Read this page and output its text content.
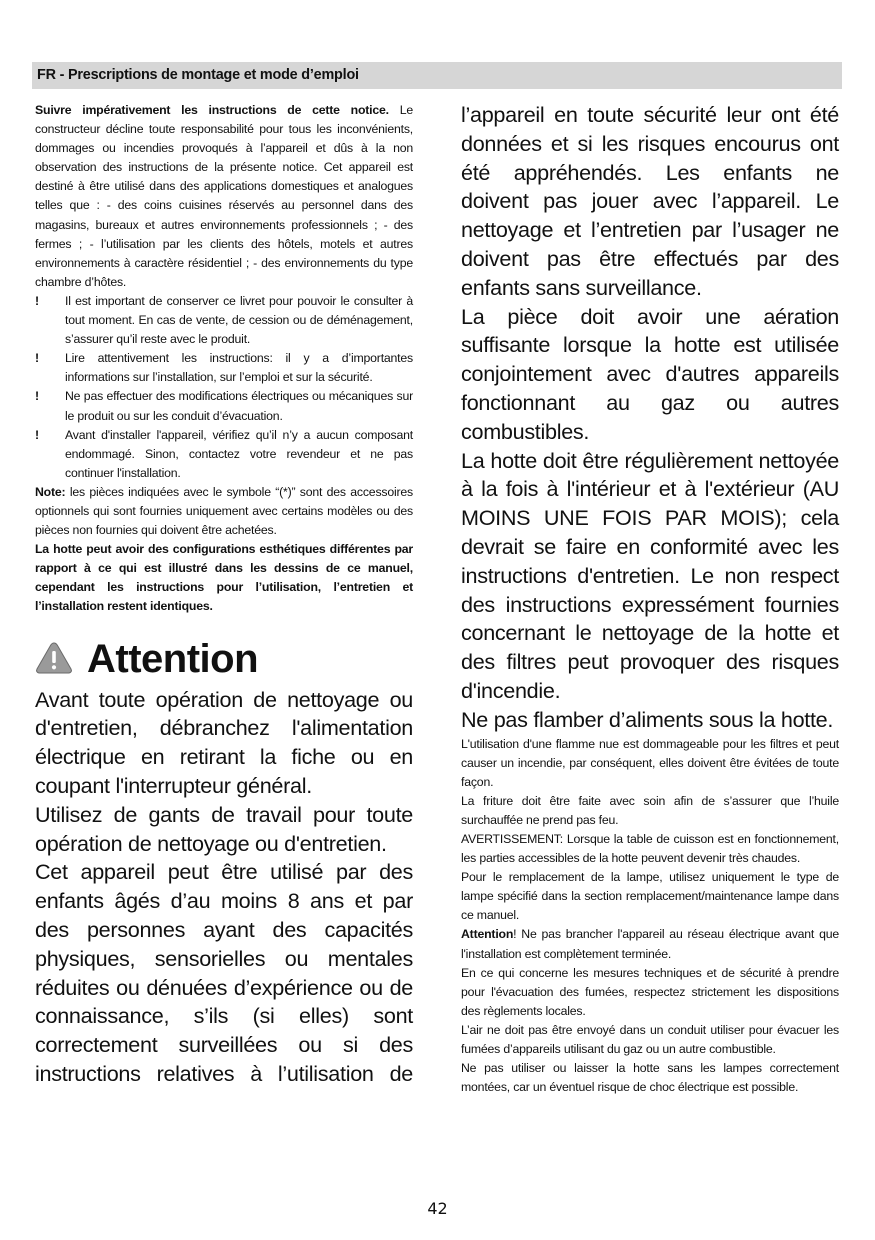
FR - Prescriptions de montage et mode d’emploi

Suivre impérativement les instructions de cette notice. Le constructeur décline toute responsabilité pour tous les inconvénients, dommages ou incendies provoqués à l’appareil et dûs à la non observation des instructions de la présente notice. Cet appareil est destiné à être utilisé dans des applications domestiques et analogues telles que : - des coins cuisines réservés au personnel dans des magasins, bureaux et autres environnements professionnels ; - des fermes ; - l’utilisation par les clients des hôtels, motels et autres environnements à caractère résidentiel ; - des environnements du type chambre d’hôtes.

!	Il est important de conserver ce livret pour pouvoir le consulter à tout moment. En cas de vente, de cession ou de déménagement, s’assurer qu’il reste avec le produit.

!	Lire attentivement les instructions: il y a d’importantes informations sur l’installation, sur l’emploi et sur la sécurité.

!	Ne pas effectuer des modifications électriques ou mécaniques sur le produit ou sur les conduit d’évacuation.

!	Avant d'installer l'appareil, vérifiez qu’il n’y a aucun composant endommagé. Sinon, contactez votre revendeur et ne pas continuer l'installation.

Note: les pièces indiquées avec le symbole “(*)” sont des accessoires optionnels qui sont fournies uniquement avec certains modèles ou des pièces non fournies qui doivent être achetées.

La hotte peut avoir des configurations esthétiques différentes par rapport à ce qui est illustré dans les dessins de ce manuel, cependant les instructions pour l’utilisation, l’entretien et l’installation restent identiques.

Attention

Avant toute opération de nettoyage ou d'entretien, débranchez l'alimentation électrique en retirant la fiche ou en coupant l'interrupteur général.

Utilisez de gants de travail pour toute opération de nettoyage ou d'entretien.

Cet appareil peut être utilisé par des enfants âgés d’au moins 8 ans et par des personnes ayant des capacités physiques, sensorielles ou mentales réduites ou dénuées d’expérience ou de connaissance, s’ils (si elles) sont correctement surveillées ou si des instructions relatives à l’utilisation de

l’appareil en toute sécurité leur ont été données et si les risques encourus ont été appréhendés. Les enfants ne doivent pas jouer avec l’appareil. Le nettoyage et l’entretien par l’usager ne doivent pas être effectués par des enfants sans surveillance.

La pièce doit avoir une aération suffisante lorsque la hotte est utilisée conjointement avec d'autres appareils fonctionnant au gaz ou autres combustibles.

La hotte doit être régulièrement nettoyée à la fois à l'intérieur et à l'extérieur (AU MOINS UNE FOIS PAR MOIS); cela devrait se faire en conformité avec les instructions d'entretien. Le non respect des instructions expressément fournies concernant le nettoyage de la hotte et des filtres peut provoquer des risques d'incendie.

Ne pas flamber d’aliments sous la hotte.

L'utilisation d'une flamme nue est dommageable pour les filtres et peut causer un incendie, par conséquent, elles doivent être évitées de toute façon.

La friture doit être faite avec soin afin de s’assurer que l’huile surchauffée ne prend pas feu.

AVERTISSEMENT: Lorsque la table de cuisson est en fonctionnement, les parties accessibles de la hotte peuvent devenir très chaudes.

Pour le remplacement de la lampe, utilisez uniquement le type de lampe spécifié dans la section remplacement/maintenance lampe dans ce manuel.

Attention! Ne pas brancher l'appareil au réseau électrique avant que l'installation est complètement terminée.

En ce qui concerne les mesures techniques et de sécurité à prendre pour l'évacuation des fumées, respectez strictement les dispositions des règlements locales.

L’air ne doit pas être envoyé dans un conduit utiliser pour évacuer les fumées d’appareils utilisant du gaz ou un autre combustible.

Ne pas utiliser ou laisser la hotte sans les lampes correctement montées, car un éventuel risque de choc électrique est possible.

42
